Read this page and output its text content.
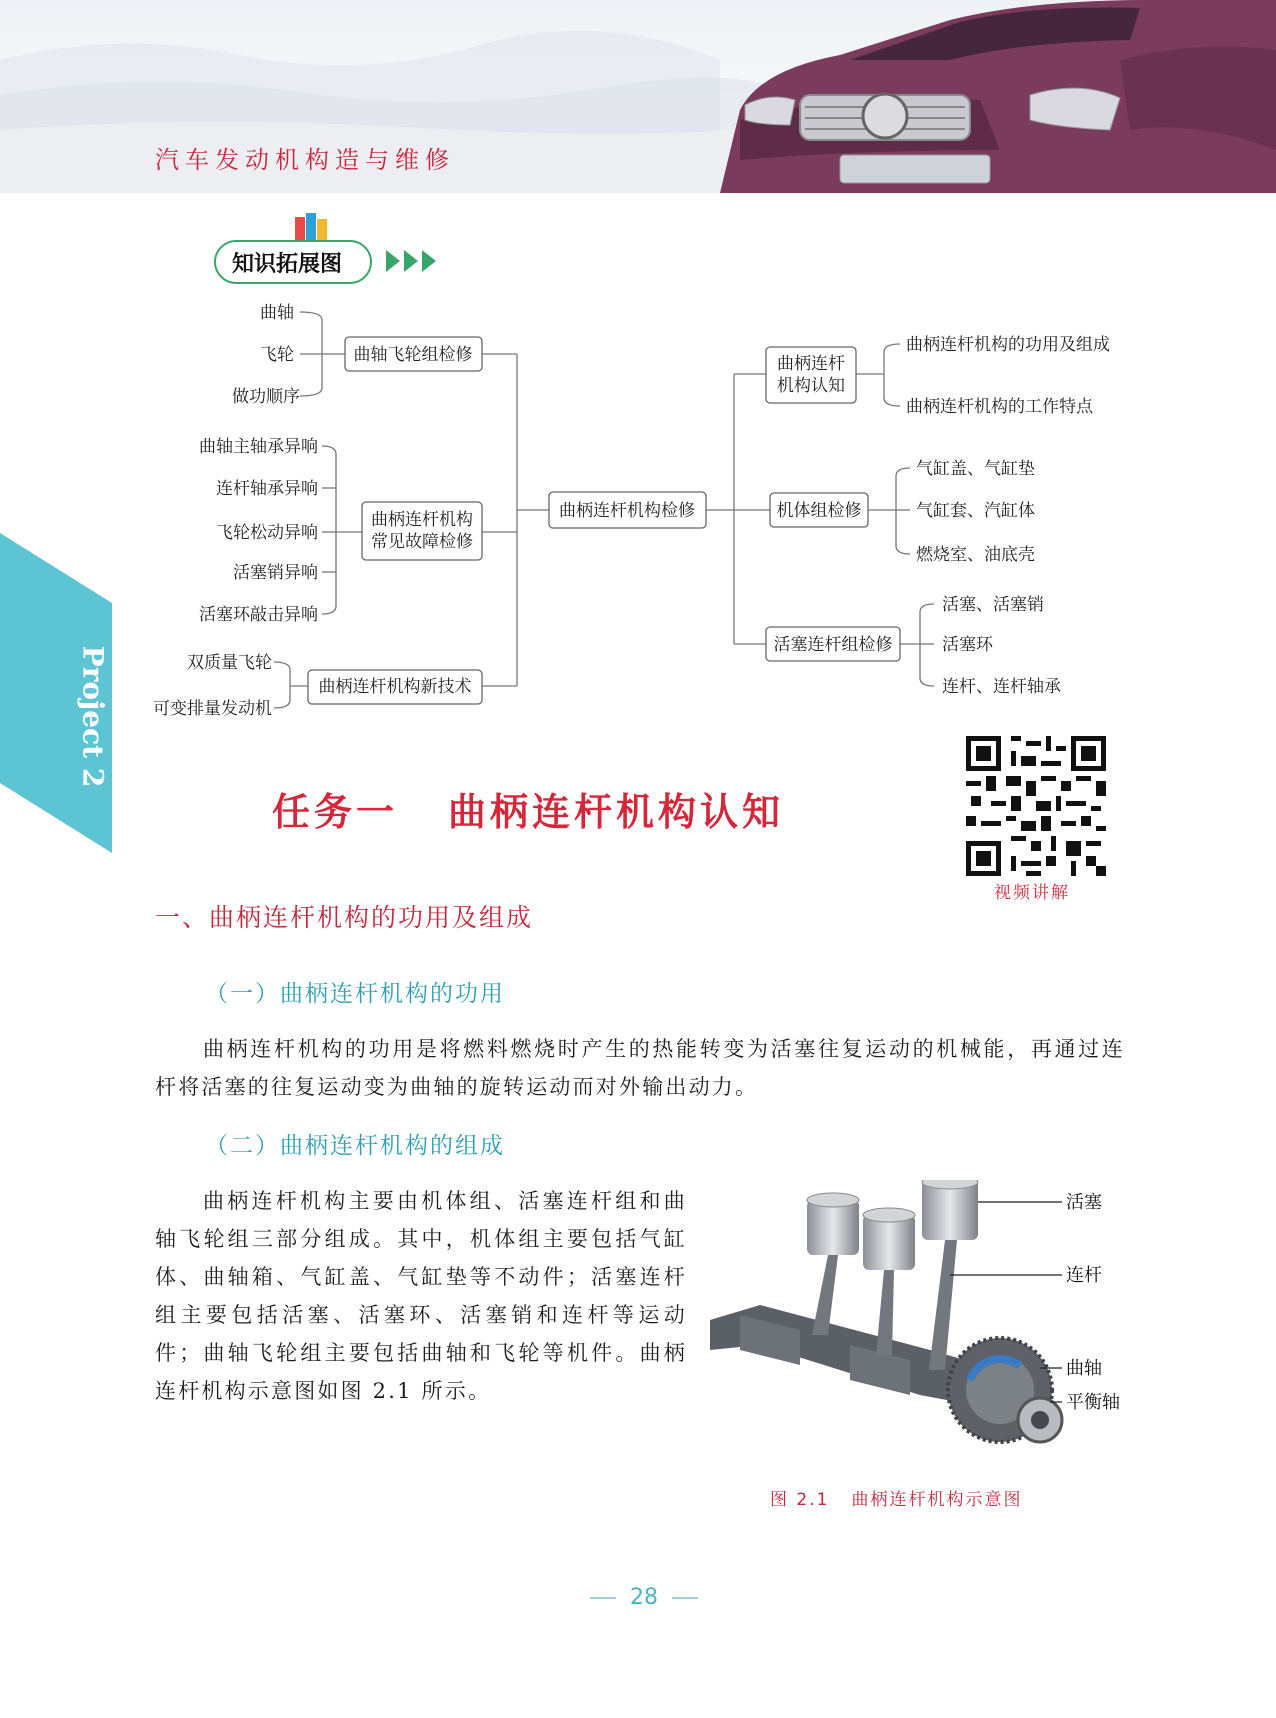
汽车发动机构造与维修
知识拓展图
曲柄连杆机构检修
曲轴飞轮组检修
曲柄连杆机构
常见故障检修
曲柄连杆机构新技术
曲轴
飞轮
做功顺序
曲轴主轴承异响
连杆轴承异响
飞轮松动异响
活塞销异响
活塞环敲击异响
双质量飞轮
可变排量发动机
曲柄连杆
机构认知
机体组检修
活塞连杆组检修
曲柄连杆机构的功用及组成
曲柄连杆机构的工作特点
气缸盖、气缸垫
气缸套、汽缸体
燃烧室、油底壳
活塞、活塞销
活塞环
连杆、连杆轴承
Project 2
任务一 曲柄连杆机构认知
视频讲解
一、曲柄连杆机构的功用及组成
（一）曲柄连杆机构的功用
曲柄连杆机构的功用是将燃料燃烧时产生的热能转变为活塞往复运动的机械能，再通过连杆将活塞的往复运动变为曲轴的旋转运动而对外输出动力。
（二）曲柄连杆机构的组成
曲柄连杆机构主要由机体组、活塞连杆组和曲轴飞轮组三部分组成。其中，机体组主要包括气缸体、曲轴箱、气缸盖、气缸垫等不动件；活塞连杆组主要包括活塞、活塞环、活塞销和连杆等运动件；曲轴飞轮组主要包括曲轴和飞轮等机件。曲柄连杆机构示意图如图 2.1 所示。
活塞
连杆
曲轴
平衡轴
图 2.1 曲柄连杆机构示意图
28
